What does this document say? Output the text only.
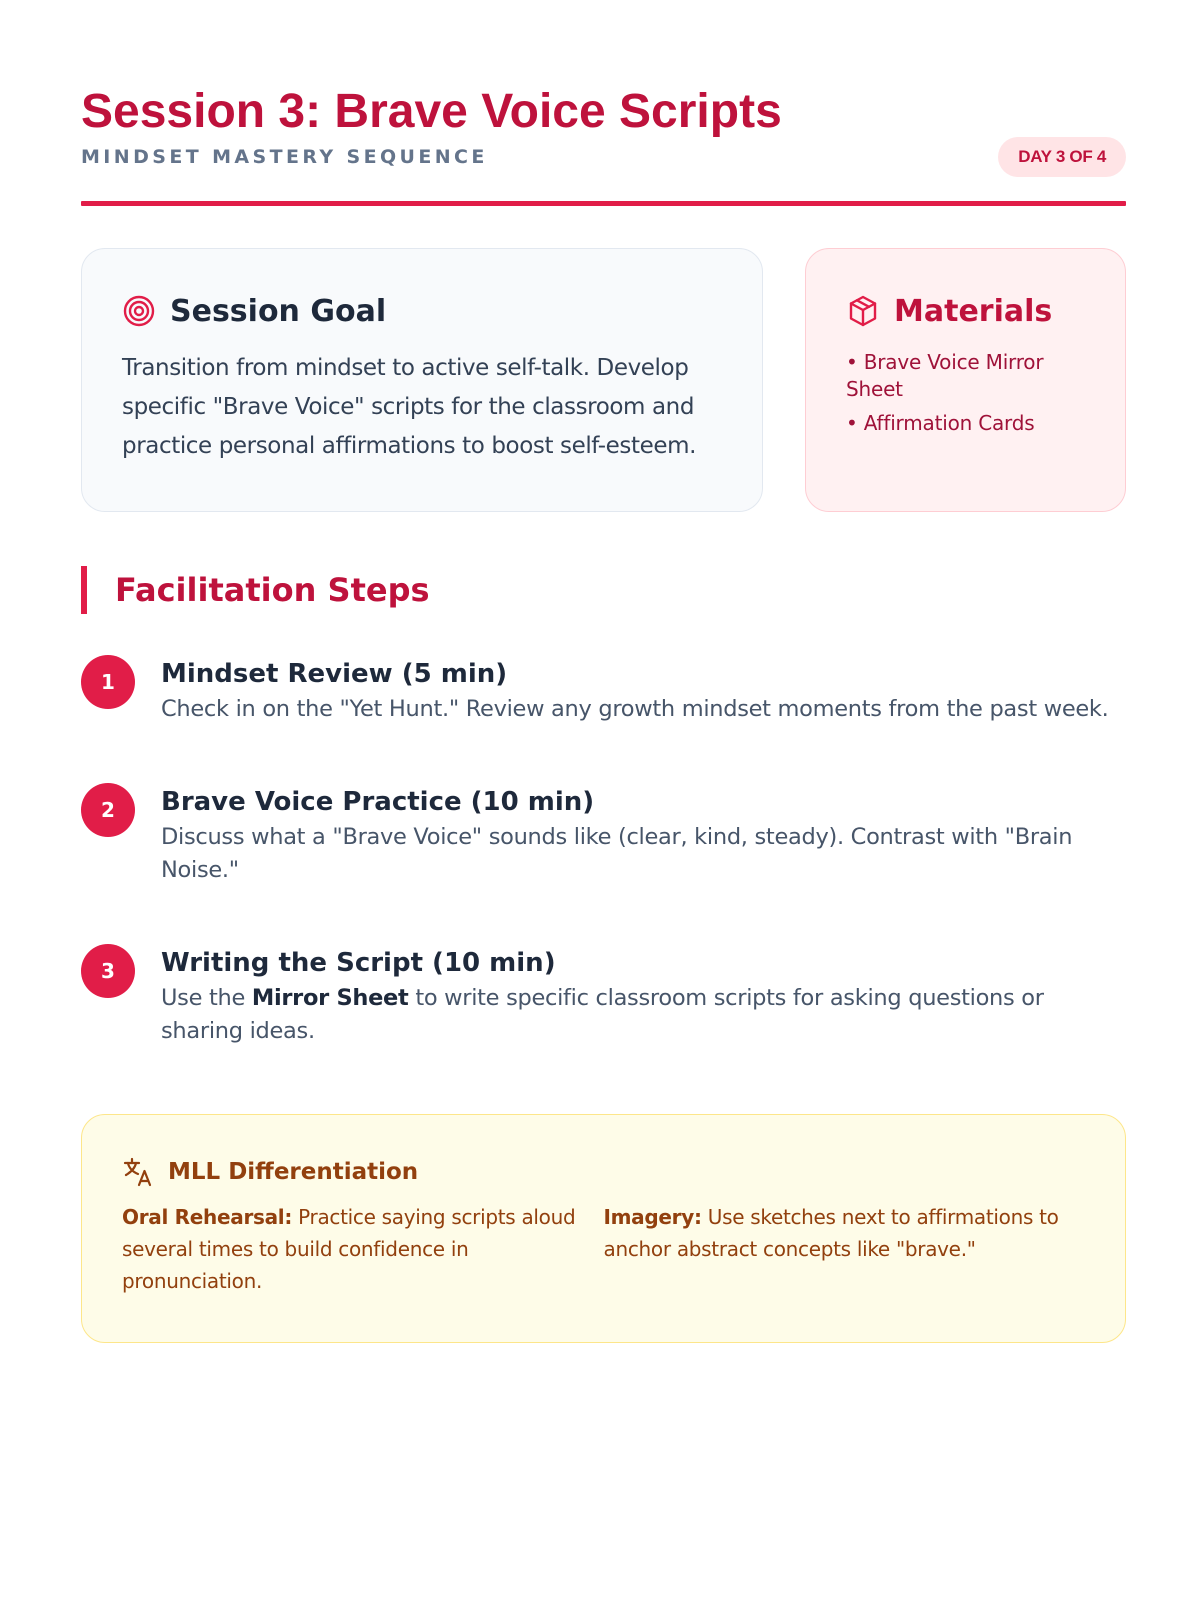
Session 3: Brave Voice Scripts
MINDSET MASTERY SEQUENCE	DAY 3 OF 4
Session Goal

Transition from mindset to active self-talk. Develop specific "Brave Voice" scripts for the classroom and practice personal affirmations to boost self-esteem.

Materials
• Brave Voice Mirror Sheet
• Affirmation Cards
Facilitation Steps
1	Mindset Review (5 min)
Check in on the "Yet Hunt." Review any growth mindset moments from the past week.
2	Brave Voice Practice (10 min)
Discuss what a "Brave Voice" sounds like (clear, kind, steady). Contrast with "Brain Noise."
3	Writing the Script (10 min)
Use the Mirror Sheet to write specific classroom scripts for asking questions or sharing ideas.
MLL Differentiation
Oral Rehearsal: Practice saying scripts aloud several times to build confidence in pronunciation.
Imagery: Use sketches next to affirmations to anchor abstract concepts like "brave."
